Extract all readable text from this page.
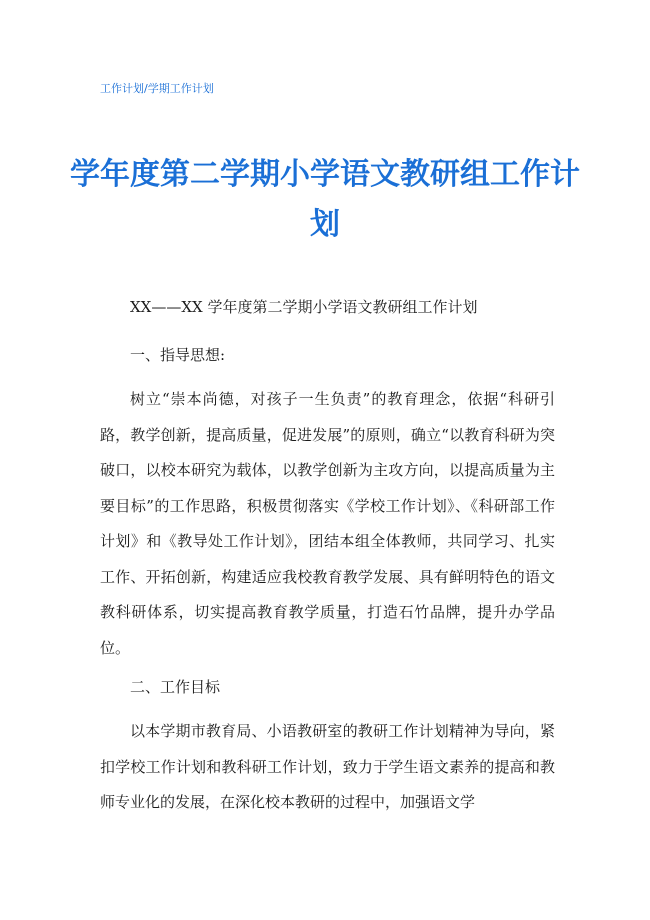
工作计划/学期工作计划
学年度第二学期小学语文教研组工作计划
XX——XX 学年度第二学期小学语文教研组工作计划
一、指导思想:
树立“崇本尚德，对孩子一生负责”的教育理念，依据“科研引路，教学创新，提高质量，促进发展”的原则，确立“以教育科研为突破口，以校本研究为载体，以教学创新为主攻方向，以提高质量为主要目标”的工作思路，积极贯彻落实《学校工作计划》、《科研部工作计划》和《教导处工作计划》，团结本组全体教师，共同学习、扎实工作、开拓创新，构建适应我校教育教学发展、具有鲜明特色的语文教科研体系，切实提高教育教学质量，打造石竹品牌，提升办学品位。
二、工作目标
以本学期市教育局、小语教研室的教研工作计划精神为导向，紧扣学校工作计划和教科研工作计划，致力于学生语文素养的提高和教师专业化的发展，在深化校本教研的过程中，加强语文学
